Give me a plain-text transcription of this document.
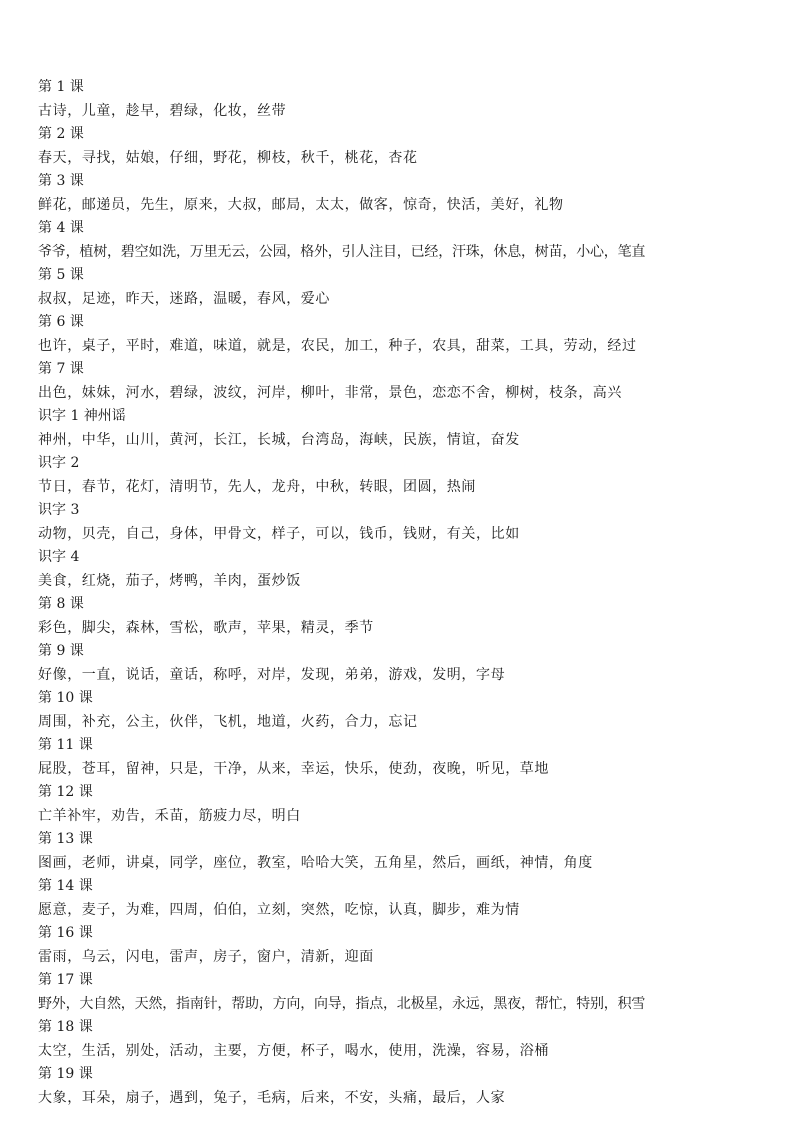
第 1 课
古诗，儿童，趁早，碧绿，化妆，丝带
第 2 课
春天，寻找，姑娘，仔细，野花，柳枝，秋千，桃花，杏花
第 3 课
鲜花，邮递员，先生，原来，大叔，邮局，太太，做客，惊奇，快活，美好，礼物
第 4 课
爷爷，植树，碧空如洗，万里无云，公园，格外，引人注目，已经，汗珠，休息，树苗，小心，笔直
第 5 课
叔叔，足迹，昨天，迷路，温暖，春风，爱心
第 6 课
也许，桌子，平时，难道，味道，就是，农民，加工，种子，农具，甜菜，工具，劳动，经过
第 7 课
出色，妹妹，河水，碧绿，波纹，河岸，柳叶，非常，景色，恋恋不舍，柳树，枝条，高兴
识字 1 神州谣
神州，中华，山川，黄河，长江，长城，台湾岛，海峡，民族，情谊，奋发
识字 2
节日，春节，花灯，清明节，先人，龙舟，中秋，转眼，团圆，热闹
识字 3
动物，贝壳，自己，身体，甲骨文，样子，可以，钱币，钱财，有关，比如
识字 4
美食，红烧，茄子，烤鸭，羊肉，蛋炒饭
第 8 课
彩色，脚尖，森林，雪松，歌声，苹果，精灵，季节
第 9 课
好像，一直，说话，童话，称呼，对岸，发现，弟弟，游戏，发明，字母
第 10 课
周围，补充，公主，伙伴，飞机，地道，火药，合力，忘记
第 11 课
屁股，苍耳，留神，只是，干净，从来，幸运，快乐，使劲，夜晚，听见，草地
第 12 课
亡羊补牢，劝告，禾苗，筋疲力尽，明白
第 13 课
图画，老师，讲桌，同学，座位，教室，哈哈大笑，五角星，然后，画纸，神情，角度
第 14 课
愿意，麦子，为难，四周，伯伯，立刻，突然，吃惊，认真，脚步，难为情
第 16 课
雷雨，乌云，闪电，雷声，房子，窗户，清新，迎面
第 17 课
野外，大自然，天然，指南针，帮助，方向，向导，指点，北极星，永远，黑夜，帮忙，特别，积雪
第 18 课
太空，生活，别处，活动，主要，方便，杯子，喝水，使用，洗澡，容易，浴桶
第 19 课
大象，耳朵，扇子，遇到，兔子，毛病，后来，不安，头痛，最后，人家
